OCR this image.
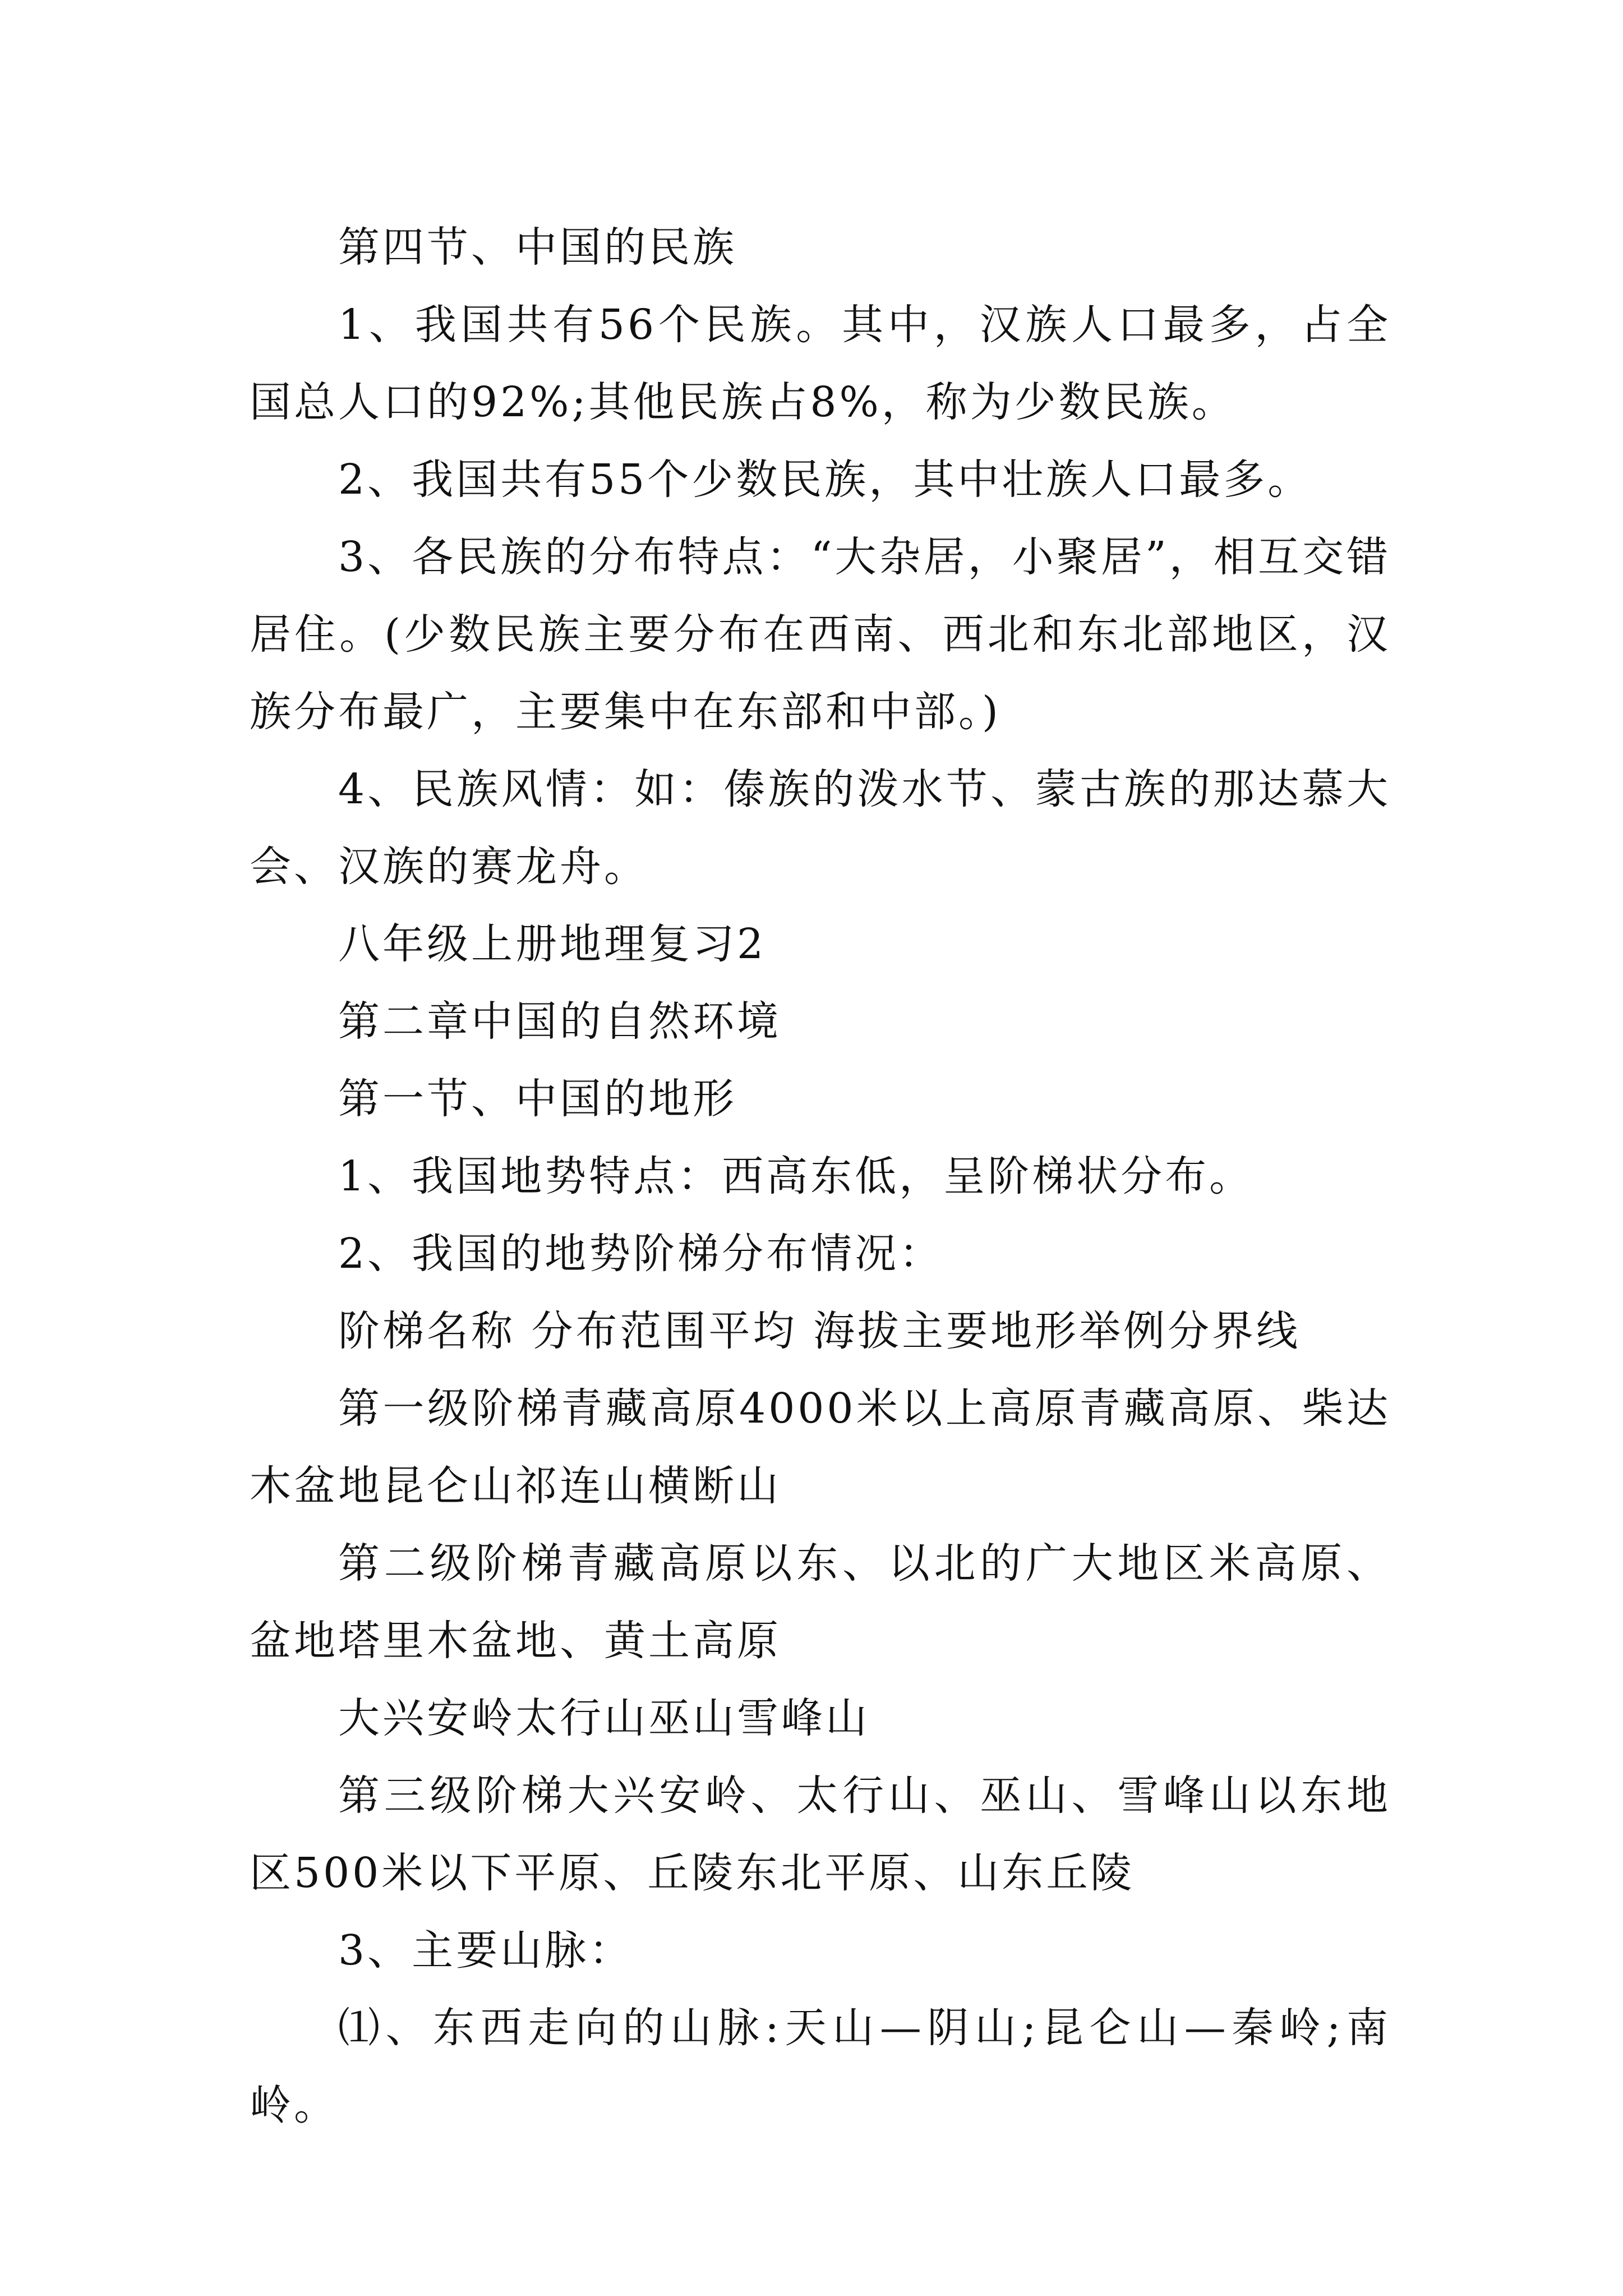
第四节、中国的民族

1、我国共有56个民族。其中，汉族人口最多，占全国总人口的92%;其他民族占8%，称为少数民族。

2、我国共有55个少数民族，其中壮族人口最多。

3、各民族的分布特点：“大杂居，小聚居”，相互交错居住。(少数民族主要分布在西南、西北和东北部地区，汉族分布最广，主要集中在东部和中部。)

4、民族风情：如：傣族的泼水节、蒙古族的那达慕大会、汉族的赛龙舟。

八年级上册地理复习2

第二章中国的自然环境

第一节、中国的地形

1、我国地势特点：西高东低，呈阶梯状分布。

2、我国的地势阶梯分布情况：

阶梯名称 分布范围平均 海拔主要地形举例分界线

第一级阶梯青藏高原4000米以上高原青藏高原、柴达木盆地昆仑山祁连山横断山

第二级阶梯青藏高原以东、以北的广大地区米高原、盆地塔里木盆地、黄土高原

大兴安岭太行山巫山雪峰山

第三级阶梯大兴安岭、太行山、巫山、雪峰山以东地区500米以下平原、丘陵东北平原、山东丘陵

3、主要山脉：

⑴、东西走向的山脉:天山—阴山;昆仑山—秦岭;南岭。
